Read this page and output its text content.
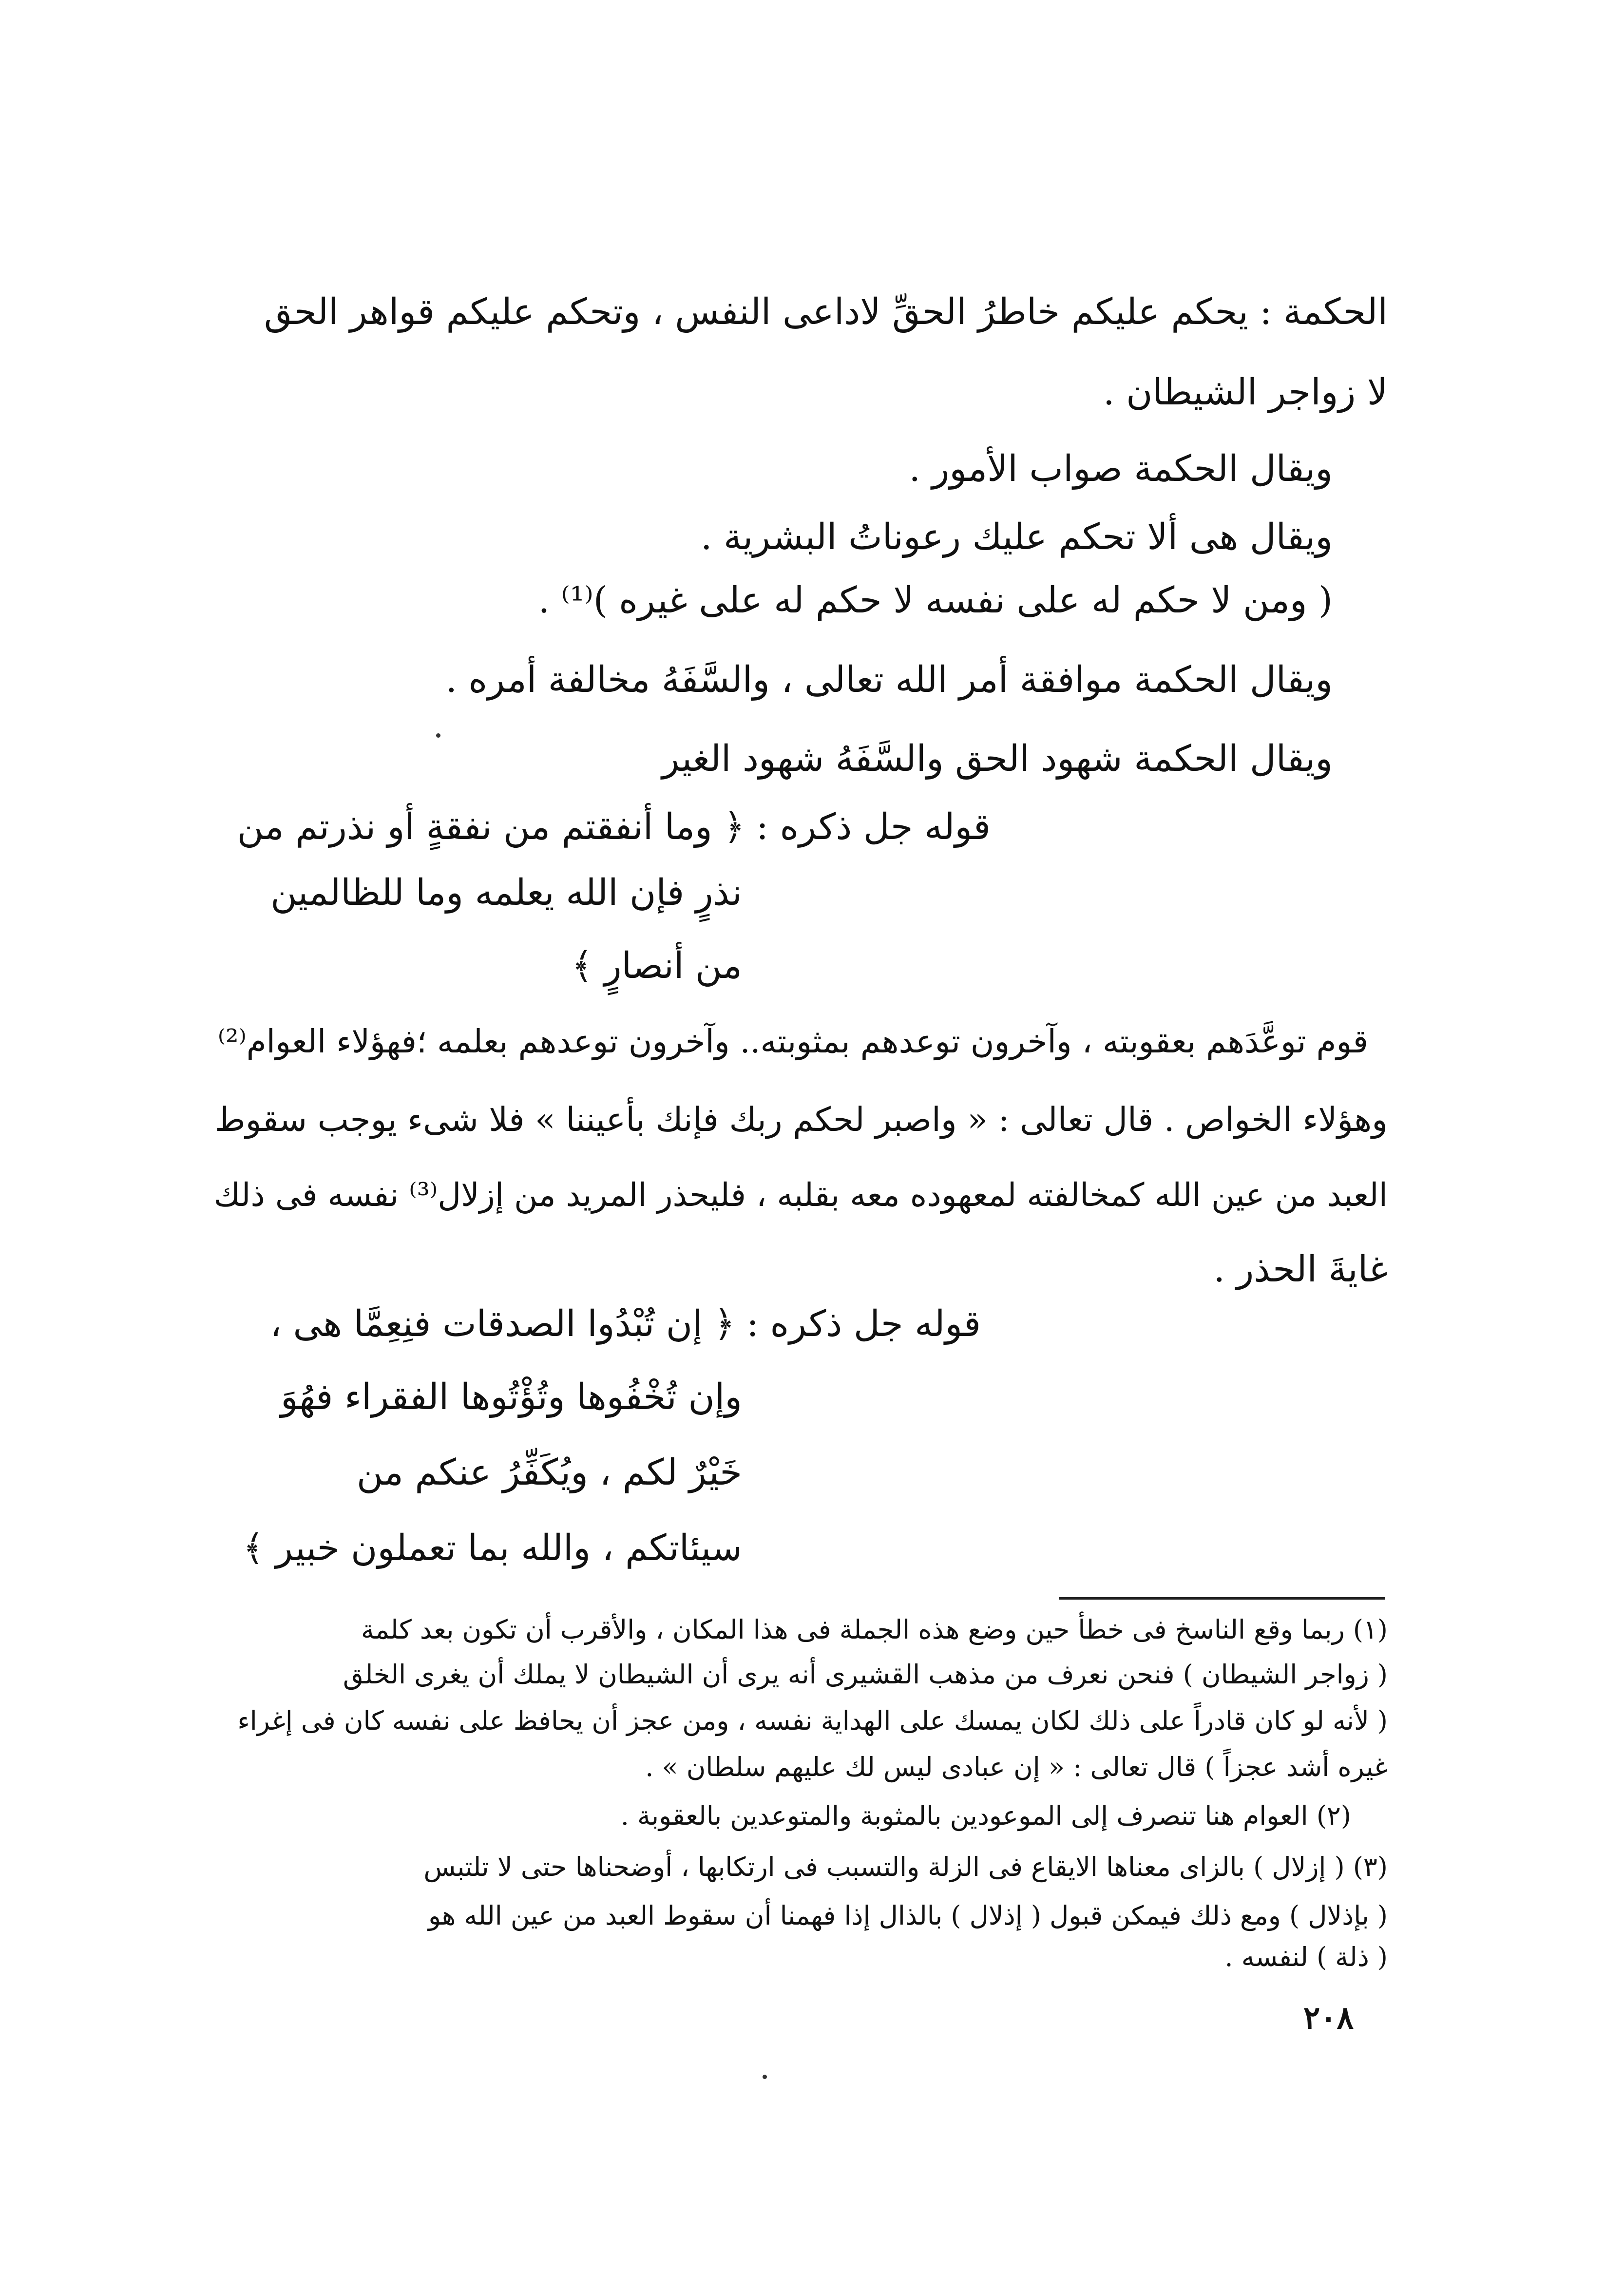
الحكمة : يحكم عليكم خاطرُ الحقِّ لاداعى النفس ، وتحكم عليكم قواهر الحق

لا زواجر الشيطان .

ويقال الحكمة صواب الأمور .

ويقال هى ألا تحكم عليك رعوناتُ البشرية .

( ومن لا حكم له على نفسه لا حكم له على غيره )⁽¹⁾ .

ويقال الحكمة موافقة أمر الله تعالى ، والسَّفَهُ مخالفة أمره .

ويقال الحكمة شهود الحق والسَّفَهُ شهود الغير

قوله جل ذكره : ﴿ وما أنفقتم من نفقةٍ أو نذرتم من

نذرٍ فإن الله يعلمه وما للظالمين

من أنصارٍ ﴾

قوم توعَّدَهم بعقوبته ، وآخرون توعدهم بمثوبته.. وآخرون توعدهم بعلمه ؛فهؤلاء العوام⁽²⁾

وهؤلاء الخواص . قال تعالى : « واصبر لحكم ربك فإنك بأعيننا » فلا شىء يوجب سقوط

العبد من عين الله كمخالفته لمعهوده معه بقلبه ، فليحذر المريد من إزلال⁽³⁾ نفسه فى ذلك

غايةَ الحذر .

قوله جل ذكره : ﴿ إن تُبْدُوا الصدقات فنِعِمَّا هى ،

وإن تُخْفُوها وتُؤْتُوها الفقراء فهُوَ

خَيْرٌ لكم ، ويُكَفِّرُ عنكم من

سيئاتكم ، والله بما تعملون خبير ﴾

(١) ربما وقع الناسخ فى خطأ حين وضع هذه الجملة فى هذا المكان ، والأقرب أن تكون بعد كلمة

( زواجر الشيطان ) فنحن نعرف من مذهب القشيرى أنه يرى أن الشيطان لا يملك أن يغرى الخلق

( لأنه لو كان قادراً على ذلك لكان يمسك على الهداية نفسه ، ومن عجز أن يحافظ على نفسه كان فى إغراء

غيره أشد عجزاً ) قال تعالى : « إن عبادى ليس لك عليهم سلطان » .

(٢) العوام هنا تنصرف إلى الموعودين بالمثوبة والمتوعدين بالعقوبة .

(٣) ( إزلال ) بالزاى معناها الايقاع فى الزلة والتسبب فى ارتكابها ، أوضحناها حتى لا تلتبس

( بإذلال ) ومع ذلك فيمكن قبول ( إذلال ) بالذال إذا فهمنا أن سقوط العبد من عين الله هو

( ذلة ) لنفسه .

٢٠٨
